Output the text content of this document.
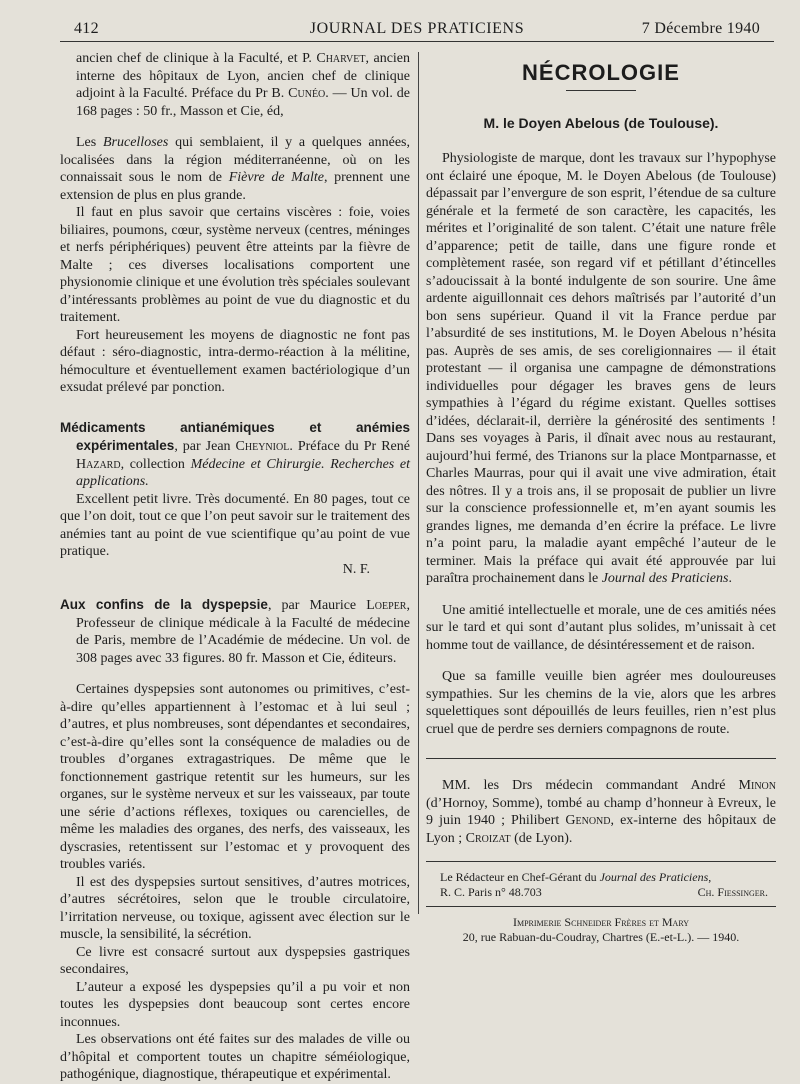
412	JOURNAL DES PRATICIENS	7 Décembre 1940

ancien chef de clinique à la Faculté, et P. Charvet, ancien interne des hôpitaux de Lyon, ancien chef de clinique adjoint à la Faculté. Préface du Pr B. Cunéo. — Un vol. de 168 pages : 50 fr., Masson et Cie, éd,

Les Brucelloses qui semblaient, il y a quelques années, localisées dans la région méditerranéenne, où on les connaissait sous le nom de Fièvre de Malte, prennent une extension de plus en plus grande.

Il faut en plus savoir que certains viscères : foie, voies biliaires, poumons, cœur, système nerveux (centres, méninges et nerfs périphériques) peuvent être atteints par la fièvre de Malte ; ces diverses localisations comportent une physionomie clinique et une évolution très spéciales soulevant d’intéressants problèmes au point de vue du diagnostic et du traitement.

Fort heureusement les moyens de diagnostic ne font pas défaut : séro-diagnostic, intra-dermo-réaction à la mélitine, hémoculture et éventuellement examen bactériologique d’un exsudat prélevé par ponction.

Médicaments antianémiques et anémies expérimentales, par Jean Cheyniol. Préface du Pr René Hazard, collection Médecine et Chirurgie. Recherches et applications.

Excellent petit livre. Très documenté. En 80 pages, tout ce que l’on doit, tout ce que l’on peut savoir sur le traitement des anémies tant au point de vue scientifique qu’au point de vue pratique.

N. F.

Aux confins de la dyspepsie, par Maurice Loeper, Professeur de clinique médicale à la Faculté de médecine de Paris, membre de l’Académie de médecine. Un vol. de 308 pages avec 33 figures. 80 fr. Masson et Cie, éditeurs.

Certaines dyspepsies sont autonomes ou primitives, c’est-à-dire qu’elles appartiennent à l’estomac et à lui seul ; d’autres, et plus nombreuses, sont dépendantes et secondaires, c’est-à-dire qu’elles sont la conséquence de maladies ou de troubles d’organes extragastriques. De même que le fonctionnement gastrique retentit sur les humeurs, sur les organes, sur le système nerveux et sur les vaisseaux, par toute une série d’actions réflexes, toxiques ou carencielles, de même les maladies des organes, des nerfs, des vaisseaux, les dyscrasies, retentissent sur l’estomac et y provoquent des troubles variés.

Il est des dyspepsies surtout sensitives, d’autres motrices, d’autres sécrétoires, selon que le trouble circulatoire, l’irritation nerveuse, ou toxique, agissent avec élection sur le muscle, la sensibilité, la sécrétion.

Ce livre est consacré surtout aux dyspepsies gastriques secondaires,

L’auteur a exposé les dyspepsies qu’il a pu voir et non toutes les dyspepsies dont beaucoup sont certes encore inconnues.

Les observations ont été faites sur des malades de ville ou d’hôpital et comportent toutes un chapitre séméiologique, pathogénique, diagnostique, thérapeutique et expérimental.

NÉCROLOGIE

M. le Doyen Abelous (de Toulouse).

Physiologiste de marque, dont les travaux sur l’hypophyse ont éclairé une époque, M. le Doyen Abelous (de Toulouse) dépassait par l’envergure de son esprit, l’étendue de sa culture générale et la fermeté de son caractère, les capacités, les mérites et l’originalité de son talent. C’était une nature frêle d’apparence; petit de taille, dans une figure ronde et complètement rasée, son regard vif et pétillant d’étincelles s’adoucissait à la bonté indulgente de son sourire. Une âme ardente aiguillonnait ces dehors maîtrisés par l’autorité d’un bon sens supérieur. Quand il vit la France perdue par l’absurdité de ses institutions, M. le Doyen Abelous n’hésita pas. Auprès de ses amis, de ses coreligionnaires — il était protestant — il organisa une campagne de démonstrations individuelles pour dégager les braves gens de leurs sympathies à l’égard du régime existant. Quelles sottises d’idées, déclarait-il, derrière la générosité des sentiments ! Dans ses voyages à Paris, il dînait avec nous au restaurant, aujourd’hui fermé, des Trianons sur la place Montparnasse, et Charles Maurras, pour qui il avait une vive admiration, était des nôtres. Il y a trois ans, il se proposait de publier un livre sur la conscience professionnelle et, m’en ayant soumis les grandes lignes, me demanda d’en écrire la préface. Le livre n’a point paru, la maladie ayant empêché l’auteur de le terminer. Mais la préface qui avait été approuvée par lui paraîtra prochainement dans le Journal des Praticiens.

Une amitié intellectuelle et morale, une de ces amitiés nées sur le tard et qui sont d’autant plus solides, m’unissait à cet homme tout de vaillance, de désintéressement et de raison.

Que sa famille veuille bien agréer mes douloureuses sympathies. Sur les chemins de la vie, alors que les arbres squelettiques sont dépouillés de leurs feuilles, rien n’est plus cruel que de perdre ses derniers compagnons de route.

MM. les Drs médecin commandant André Minon (d’Hornoy, Somme), tombé au champ d’honneur à Evreux, le 9 juin 1940 ; Philibert Genond, ex-interne des hôpitaux de Lyon ; Croizat (de Lyon).

Le Rédacteur en Chef-Gérant du Journal des Praticiens,
R. C. Paris n° 48.703	Ch. Fiessinger.
Imprimerie Schneider Frères et Mary
20, rue Rabuan-du-Coudray, Chartres (E.-et-L.). — 1940.
